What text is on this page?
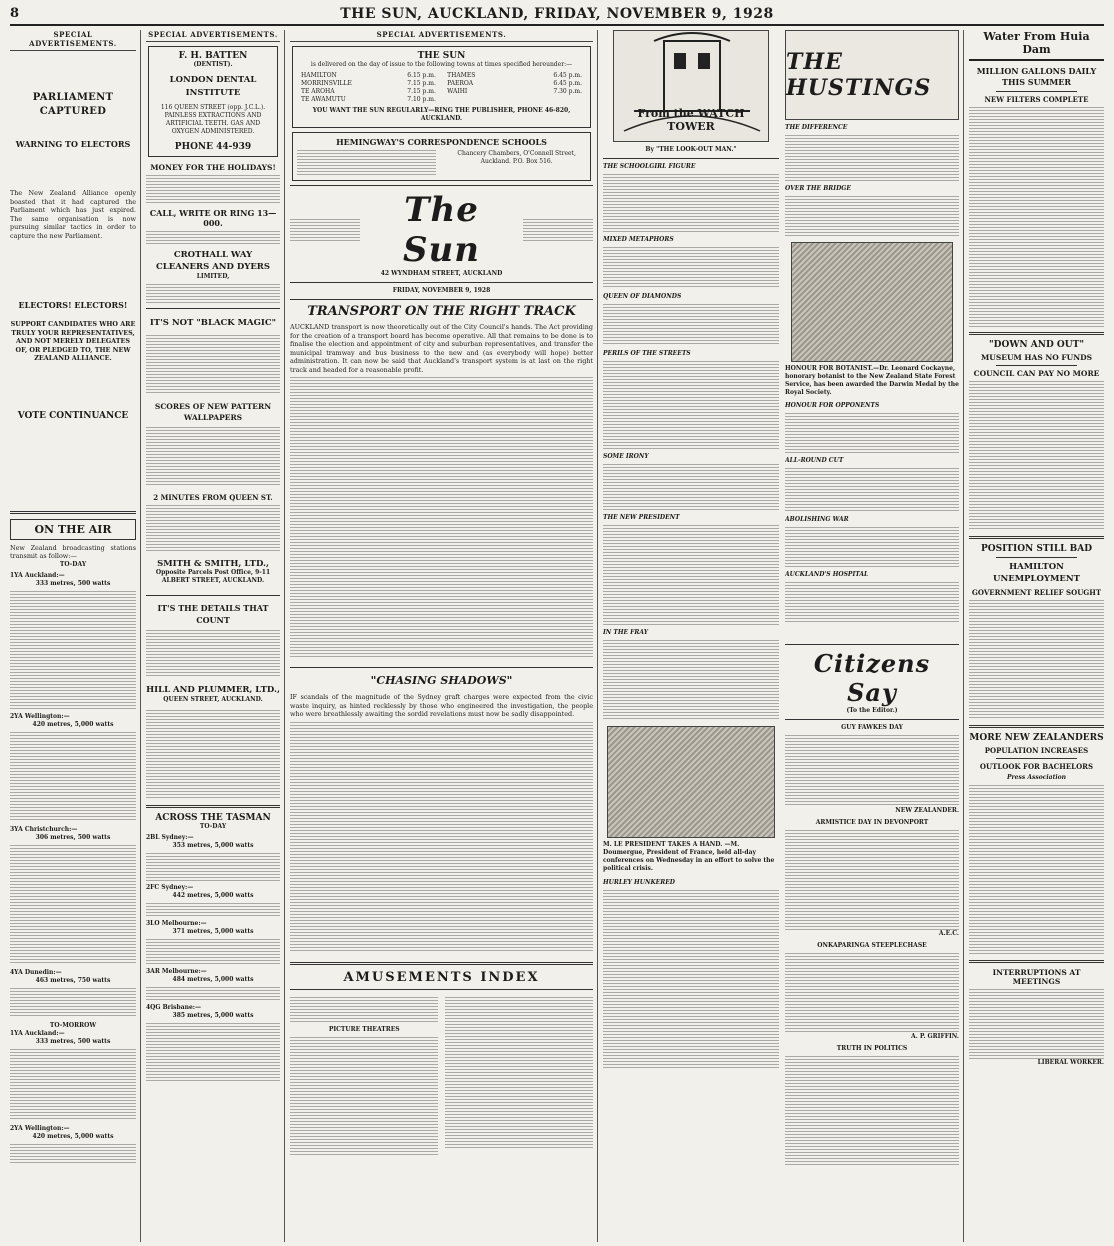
8	THE SUN, AUCKLAND, FRIDAY, NOVEMBER 9, 1928
SPECIAL ADVERTISEMENTS.
PARLIAMENT CAPTURED
WARNING TO ELECTORS
The New Zealand Alliance openly boasted that it had captured the Parliament which has just expired. The same organisation is now pursuing similar tactics in order to capture the new Parliament.
ELECTORS! ELECTORS!
SUPPORT CANDIDATES WHO ARE TRULY YOUR REPRESENTATIVES, AND NOT MERELY DELEGATES OF, OR PLEDGED TO, THE NEW ZEALAND ALLIANCE.
VOTE CONTINUANCE
ON THE AIR
New Zealand broadcasting stations transmit as follow:—
TO-DAY
1YA Auckland:—
333 metres, 500 watts
2YA Wellington:—
420 metres, 5,000 watts
3YA Christchurch:—
306 metres, 500 watts
4YA Dunedin:—
463 metres, 750 watts
TO-MORROW
1YA Auckland:—
333 metres, 500 watts
2YA Wellington:—
420 metres, 5,000 watts
SPECIAL ADVERTISEMENTS.
F. H. BATTEN
(DENTIST).
LONDON DENTAL INSTITUTE
116 QUEEN STREET (opp. J.C.L.). PAINLESS EXTRACTIONS AND ARTIFICIAL TEETH. GAS AND OXYGEN ADMINISTERED.
PHONE 44-939
MONEY FOR THE HOLIDAYS!
CALL, WRITE OR RING 13—000.
CROTHALL WAY CLEANERS AND DYERS
LIMITED,
IT'S NOT "BLACK MAGIC"
SCORES OF NEW PATTERN WALLPAPERS
2 MINUTES FROM QUEEN ST.
SMITH & SMITH, LTD.,
Opposite Parcels Post Office, 9-11 ALBERT STREET, AUCKLAND.
IT'S THE DETAILS THAT COUNT
HILL AND PLUMMER, LTD.,
QUEEN STREET, AUCKLAND.
ACROSS THE TASMAN
TO-DAY
2BL Sydney:—
353 metres, 5,000 watts
2FC Sydney:—
442 metres, 5,000 watts
3LO Melbourne:—
371 metres, 5,000 watts
3AR Melbourne:—
484 metres, 5,000 watts
4QG Brisbane:—
385 metres, 5,000 watts
SPECIAL ADVERTISEMENTS.
THE SUN
is delivered on the day of issue to the following towns at times specified hereunder:—
HAMILTON	6.15 p.m.
MORRINSVILLE	7.15 p.m.
TE AROHA	7.15 p.m.
TE AWAMUTU	7.10 p.m.
THAMES	6.45 p.m.
PAEROA	6.45 p.m.
WAIHI	7.30 p.m.
YOU WANT THE SUN REGULARLY—RING THE PUBLISHER, PHONE 46-820, AUCKLAND.
HEMINGWAY'S CORRESPONDENCE SCHOOLS
Chancery Chambers, O'Connell Street, Auckland. P.O. Box 516.
The Sun
42 WYNDHAM STREET, AUCKLAND
FRIDAY, NOVEMBER 9, 1928
TRANSPORT ON THE RIGHT TRACK
AUCKLAND transport is now theoretically out of the City Council's hands. The Act providing for the creation of a transport board has become operative. All that remains to be done is to finalise the election and appointment of city and suburban representatives, and transfer the municipal tramway and bus business to the new and (as everybody will hope) better administration. It can now be said that Auckland's transport system is at last on the right track and headed for a reasonable profit.
"CHASING SHADOWS"
IF scandals of the magnitude of the Sydney graft charges were expected from the civic waste inquiry, as hinted recklessly by those who engineered the investigation, the people who were breathlessly awaiting the sordid revelations must now be sadly disappointed.
AMUSEMENTS INDEX
PICTURE THEATRES
From the WATCH TOWER
By "THE LOOK-OUT MAN."
THE SCHOOLGIRL FIGURE
MIXED METAPHORS
QUEEN OF DIAMONDS
PERILS OF THE STREETS
SOME IRONY
THE NEW PRESIDENT
IN THE FRAY
M. LE PRESIDENT TAKES A HAND. —M. Doumergue, President of France, held all-day conferences on Wednesday in an effort to solve the political crisis.
HURLEY HUNKERED
THE HUSTINGS
THE DIFFERENCE
OVER THE BRIDGE
HONOUR FOR BOTANIST.—Dr. Leonard Cockayne, honorary botanist to the New Zealand State Forest Service, has been awarded the Darwin Medal by the Royal Society.
HONOUR FOR OPPONENTS
ALL-ROUND CUT
ABOLISHING WAR
AUCKLAND'S HOSPITAL
Citizens Say
(To the Editor.)
GUY FAWKES DAY
NEW ZEALANDER.
ARMISTICE DAY IN DEVONPORT
A.E.C.
ONKAPARINGA STEEPLECHASE
A. P. GRIFFIN.
TRUTH IN POLITICS
Water From Huia Dam
MILLION GALLONS DAILY THIS SUMMER
NEW FILTERS COMPLETE
"DOWN AND OUT"
MUSEUM HAS NO FUNDS
COUNCIL CAN PAY NO MORE
POSITION STILL BAD
HAMILTON UNEMPLOYMENT
GOVERNMENT RELIEF SOUGHT
MORE NEW ZEALANDERS
POPULATION INCREASES
OUTLOOK FOR BACHELORS
Press Association
INTERRUPTIONS AT MEETINGS
LIBERAL WORKER.
